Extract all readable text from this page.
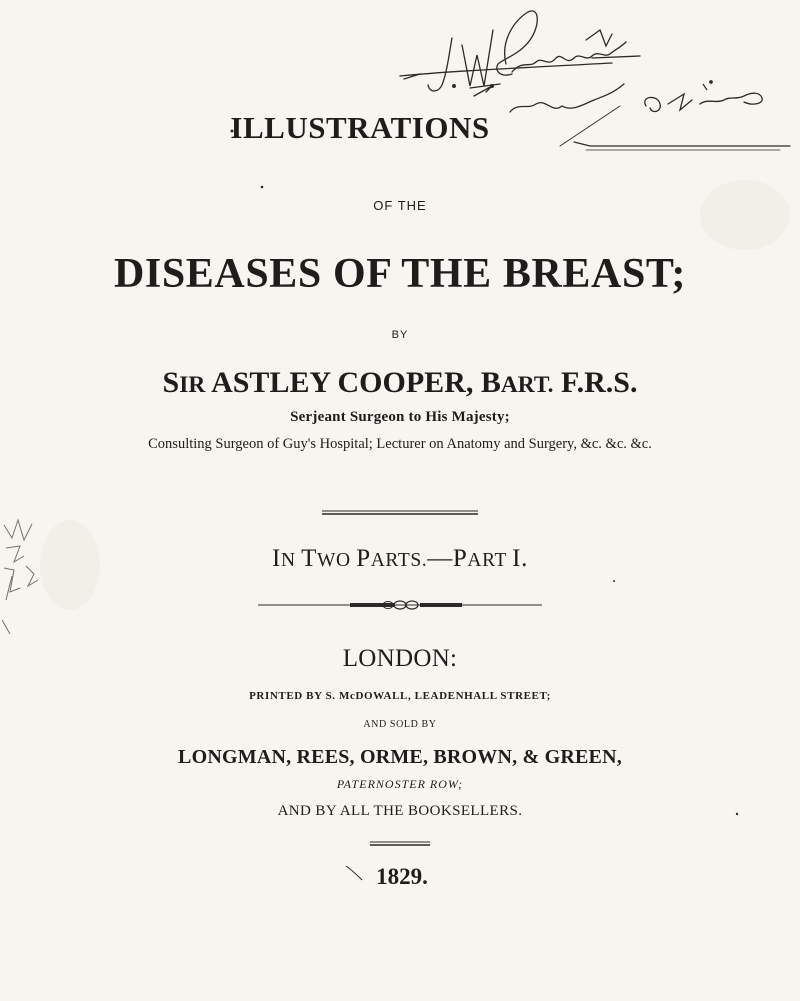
ILLUSTRATIONS
OF THE
DISEASES OF THE BREAST;
BY
SIR ASTLEY COOPER, BART. F.R.S.
Serjeant Surgeon to His Majesty;
Consulting Surgeon of Guy's Hospital; Lecturer on Anatomy and Surgery, &c. &c. &c.
IN TWO PARTS.—PART I.
LONDON:
PRINTED BY S. McDOWALL, LEADENHALL STREET;
AND SOLD BY
LONGMAN, REES, ORME, BROWN, & GREEN,
PATERNOSTER ROW;
AND BY ALL THE BOOKSELLERS.
1829.
